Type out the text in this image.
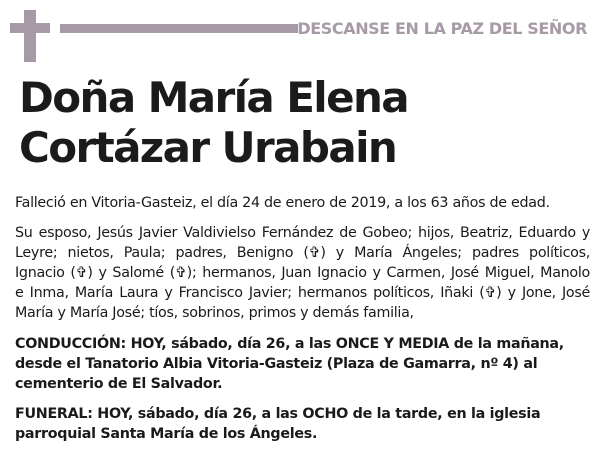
DESCANSE EN LA PAZ DEL SEÑOR
Doña María Elena
Cortázar Urabain
Falleció en Vitoria-Gasteiz, el día 24 de enero de 2019, a los 63 años de edad.
Su esposo, Jesús Javier Valdivielso Fernández de Gobeo; hijos, Beatriz, Eduardo y
Leyre; nietos, Paula; padres, Benigno (✞) y María Ángeles; padres políticos,
Ignacio (✞) y Salomé (✞); hermanos, Juan Ignacio y Carmen, José Miguel, Manolo
e Inma, María Laura y Francisco Javier; hermanos políticos, Iñaki (✞) y Jone, José
María y María José; tíos, sobrinos, primos y demás familia,
CONDUCCIÓN: HOY, sábado, día 26, a las ONCE Y MEDIA de la mañana,
desde el Tanatorio Albia Vitoria-Gasteiz (Plaza de Gamarra, nº 4) al
cementerio de El Salvador.
FUNERAL: HOY, sábado, día 26, a las OCHO de la tarde, en la iglesia
parroquial Santa María de los Ángeles.
